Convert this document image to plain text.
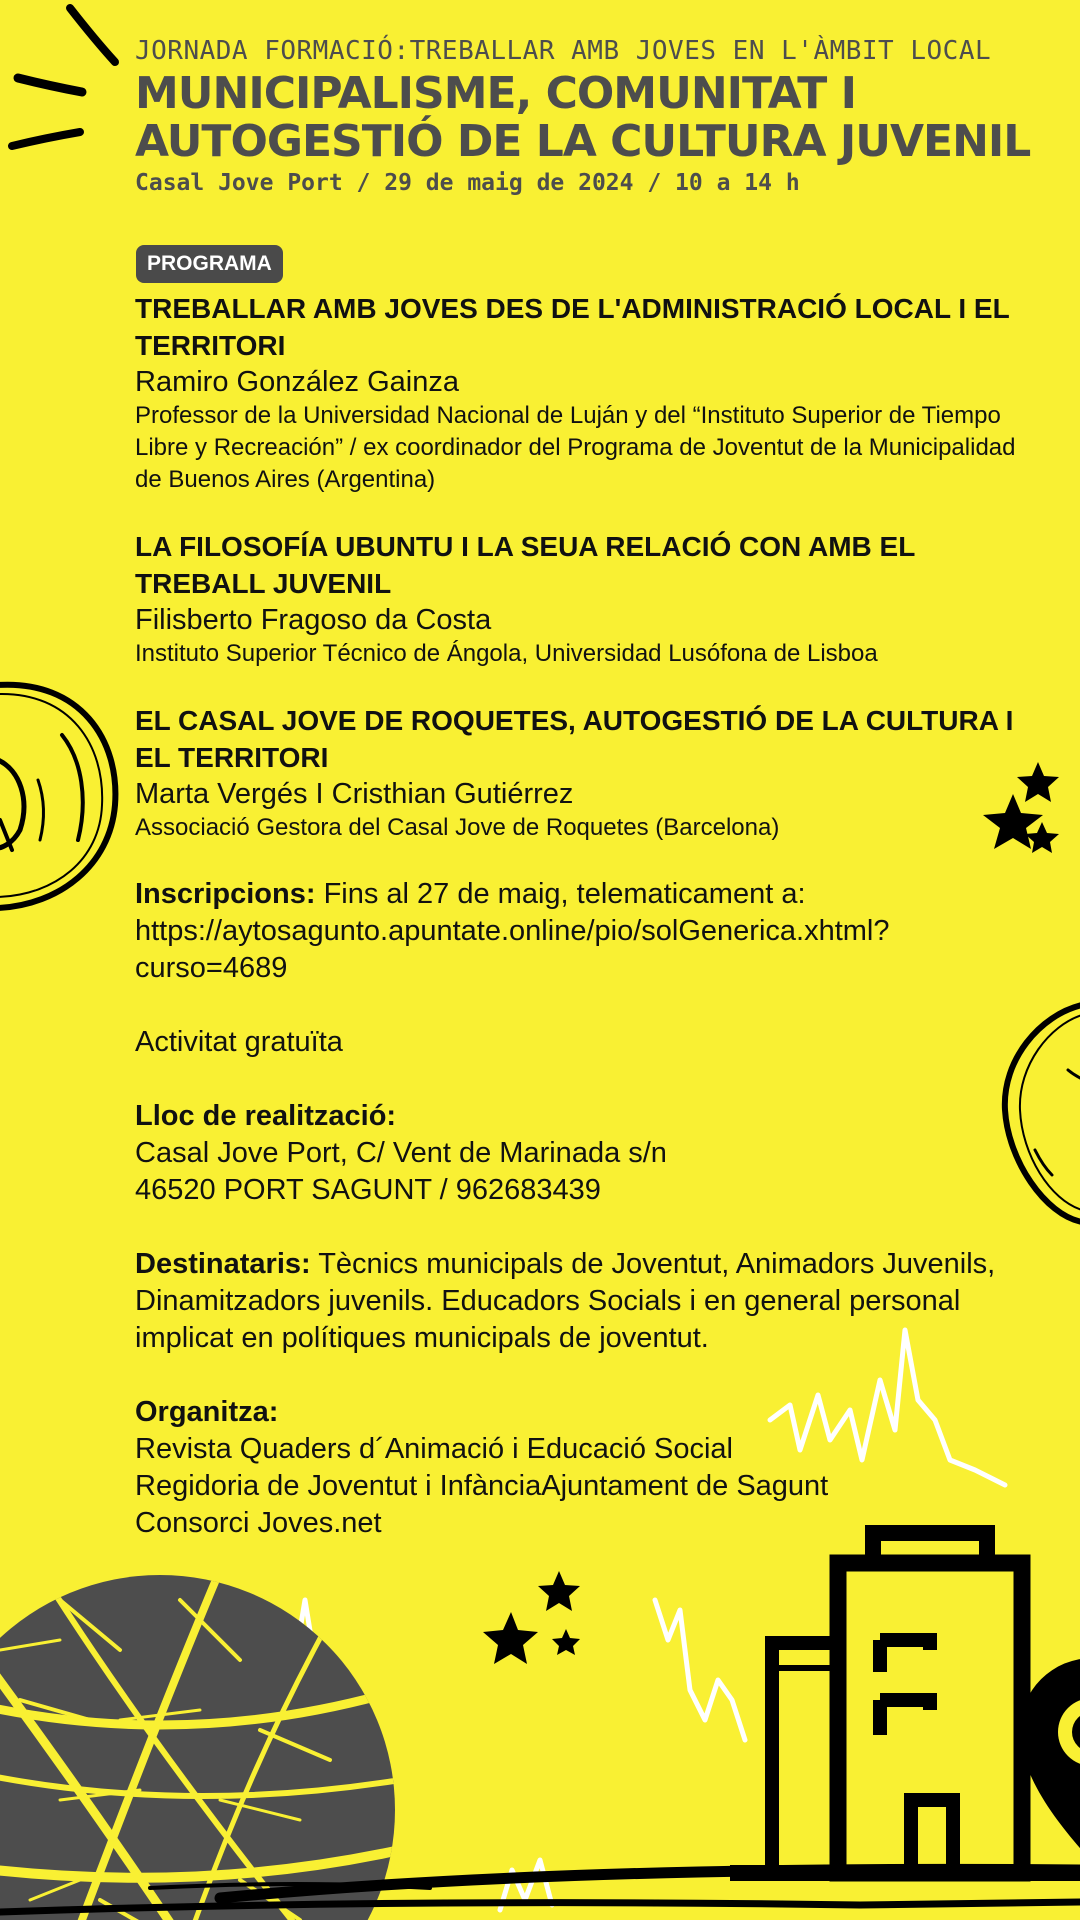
JORNADA FORMACIÓ:TREBALLAR AMB JOVES EN L'ÀMBIT LOCAL
MUNICIPALISME, COMUNITAT I AUTOGESTIÓ DE LA CULTURA JUVENIL
Casal Jove Port / 29 de maig de 2024 / 10 a 14 h
PROGRAMA
TREBALLAR AMB JOVES DES DE L'ADMINISTRACIÓ LOCAL I EL TERRITORI
Ramiro González Gainza
Professor de la Universidad Nacional de Luján y del “Instituto Superior de Tiempo Libre y Recreación” / ex coordinador del Programa de Joventut de la Municipalidad de Buenos Aires (Argentina)
LA FILOSOFÍA UBUNTU I LA SEUA RELACIÓ CON AMB EL TREBALL JUVENIL
Filisberto Fragoso da Costa
Instituto Superior Técnico de Ángola, Universidad Lusófona de Lisboa
EL CASAL JOVE DE ROQUETES, AUTOGESTIÓ DE LA CULTURA I EL TERRITORI
Marta Vergés I Cristhian Gutiérrez
Associació Gestora del Casal Jove de Roquetes (Barcelona)
Inscripcions: Fins al 27 de maig, telematicament a:
https://aytosagunto.apuntate.online/pio/solGenerica.xhtml?
curso=4689
Activitat gratuïta
Lloc de realització:
Casal Jove Port, C/ Vent de Marinada s/n
46520 PORT SAGUNT / 962683439
Destinataris: Tècnics municipals de Joventut, Animadors Juvenils, Dinamitzadors juvenils. Educadors Socials i en general personal implicat en polítiques municipals de joventut.
Organitza:
Revista Quaders d´Animació i Educació Social
Regidoria de Joventut i InfànciaAjuntament de Sagunt
Consorci Joves.net
